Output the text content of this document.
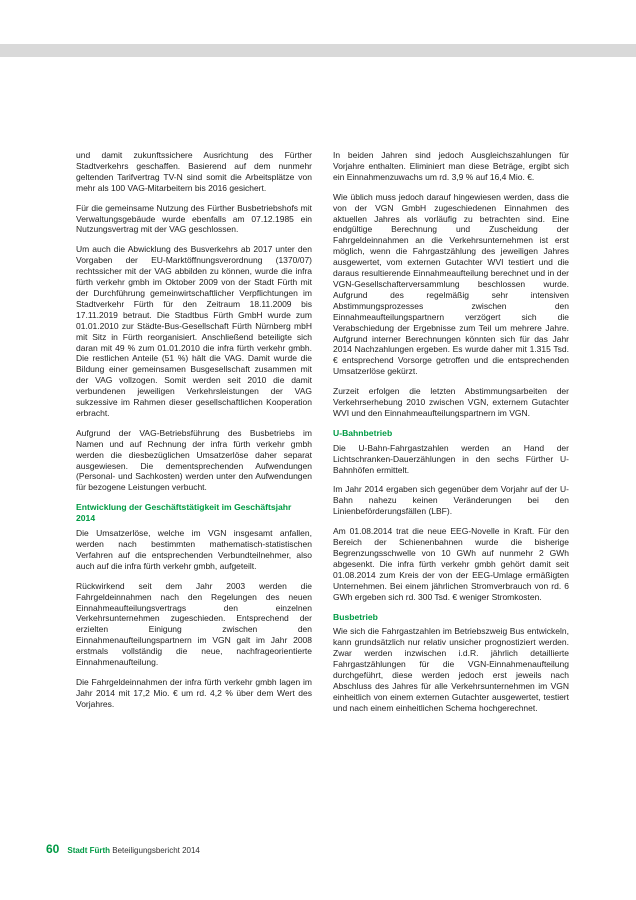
und damit zukunftssichere Ausrichtung des Fürther Stadtverkehrs geschaffen. Basierend auf dem nunmehr geltenden Tarifvertrag TV-N sind somit die Arbeitsplätze von mehr als 100 VAG-Mitarbeitern bis 2016 gesichert.

Für die gemeinsame Nutzung des Fürther Busbetriebshofs mit Verwaltungsgebäude wurde ebenfalls am 07.12.1985 ein Nutzungsvertrag mit der VAG geschlossen.

Um auch die Abwicklung des Busverkehrs ab 2017 unter den Vorgaben der EU-Marktöffnungsverordnung (1370/07) rechtssicher mit der VAG abbilden zu können, wurde die infra fürth verkehr gmbh im Oktober 2009 von der Stadt Fürth mit der Durchführung gemeinwirtschaftlicher Verpflichtungen im Stadtverkehr Fürth für den Zeitraum 18.11.2009 bis 17.11.2019 betraut. Die Stadtbus Fürth GmbH wurde zum 01.01.2010 zur Städte-Bus-Gesellschaft Fürth Nürnberg mbH mit Sitz in Fürth reorganisiert. Anschließend beteiligte sich daran mit 49 % zum 01.01.2010 die infra fürth verkehr gmbh. Die restlichen Anteile (51 %) hält die VAG. Damit wurde die Bildung einer gemeinsamen Busgesellschaft zusammen mit der VAG vollzogen. Somit werden seit 2010 die damit verbundenen jeweiligen Verkehrsleistungen der VAG sukzessive im Rahmen dieser gesellschaftlichen Kooperation erbracht.

Aufgrund der VAG-Betriebsführung des Busbetriebs im Namen und auf Rechnung der infra fürth verkehr gmbh werden die diesbezüglichen Umsatzerlöse daher separat ausgewiesen. Die dementsprechenden Aufwendungen (Personal- und Sachkosten) werden unter den Aufwendungen für bezogene Leistungen verbucht.

Entwicklung der Geschäftstätigkeit im Geschäftsjahr 2014

Die Umsatzerlöse, welche im VGN insgesamt anfallen, werden nach bestimmten mathematisch-statistischen Verfahren auf die entsprechenden Verbundteilnehmer, also auch auf die infra fürth verkehr gmbh, aufgeteilt.

Rückwirkend seit dem Jahr 2003 werden die Fahrgeldeinnahmen nach den Regelungen des neuen Einnahmeaufteilungsvertrags den einzelnen Verkehrsunternehmen zugeschieden. Entsprechend der erzielten Einigung zwischen den Einnahmenaufteilungspartnern im VGN galt im Jahr 2008 erstmals vollständig die neue, nachfrageorientierte Einnahmenaufteilung.

Die Fahrgeldeinnahmen der infra fürth verkehr gmbh lagen im Jahr 2014 mit 17,2 Mio. € um rd. 4,2 % über dem Wert des Vorjahres.

In beiden Jahren sind jedoch Ausgleichszahlungen für Vorjahre enthalten. Eliminiert man diese Beträge, ergibt sich ein Einnahmenzuwachs um rd. 3,9 % auf 16,4 Mio. €.

Wie üblich muss jedoch darauf hingewiesen werden, dass die von der VGN GmbH zugeschiedenen Einnahmen des aktuellen Jahres als vorläufig zu betrachten sind. Eine endgültige Berechnung und Zuscheidung der Fahrgeldeinnahmen an die Verkehrsunternehmen ist erst möglich, wenn die Fahrgastzählung des jeweiligen Jahres ausgewertet, vom externen Gutachter WVI testiert und die daraus resultierende Einnahmeaufteilung berechnet und in der VGN-Gesellschafterversammlung beschlossen wurde. Aufgrund des regelmäßig sehr intensiven Abstimmungsprozesses zwischen den Einnahmeaufteilungspartnern verzögert sich die Verabschiedung der Ergebnisse zum Teil um mehrere Jahre. Aufgrund interner Berechnungen könnten sich für das Jahr 2014 Nachzahlungen ergeben. Es wurde daher mit 1.315 Tsd. € entsprechend Vorsorge getroffen und die entsprechenden Umsatzerlöse gekürzt.

Zurzeit erfolgen die letzten Abstimmungsarbeiten der Verkehrserhebung 2010 zwischen VGN, externem Gutachter WVI und den Einnahmeaufteilungspartnern im VGN.

U-Bahnbetrieb

Die U-Bahn-Fahrgastzahlen werden an Hand der Lichtschranken-Dauerzählungen in den sechs Fürther U-Bahnhöfen ermittelt.

Im Jahr 2014 ergaben sich gegenüber dem Vorjahr auf der U-Bahn nahezu keinen Veränderungen bei den Linienbeförderungsfällen (LBF).

Am 01.08.2014 trat die neue EEG-Novelle in Kraft. Für den Bereich der Schienenbahnen wurde die bisherige Begrenzungsschwelle von 10 GWh auf nunmehr 2 GWh abgesenkt. Die infra fürth verkehr gmbh gehört damit seit 01.08.2014 zum Kreis der von der EEG-Umlage ermäßigten Unternehmen. Bei einem jährlichen Stromverbrauch von rd. 6 GWh ergeben sich rd. 300 Tsd. € weniger Stromkosten.

Busbetrieb

Wie sich die Fahrgastzahlen im Betriebszweig Bus entwickeln, kann grundsätzlich nur relativ unsicher prognostiziert werden. Zwar werden inzwischen i.d.R. jährlich detaillierte Fahrgastzählungen für die VGN-Einnahmenaufteilung durchgeführt, diese werden jedoch erst jeweils nach Abschluss des Jahres für alle Verkehrsunternehmen im VGN einheitlich von einem externen Gutachter ausgewertet, testiert und nach einem einheitlichen Schema hochgerechnet.

60 Stadt Fürth Beteiligungsbericht 2014
